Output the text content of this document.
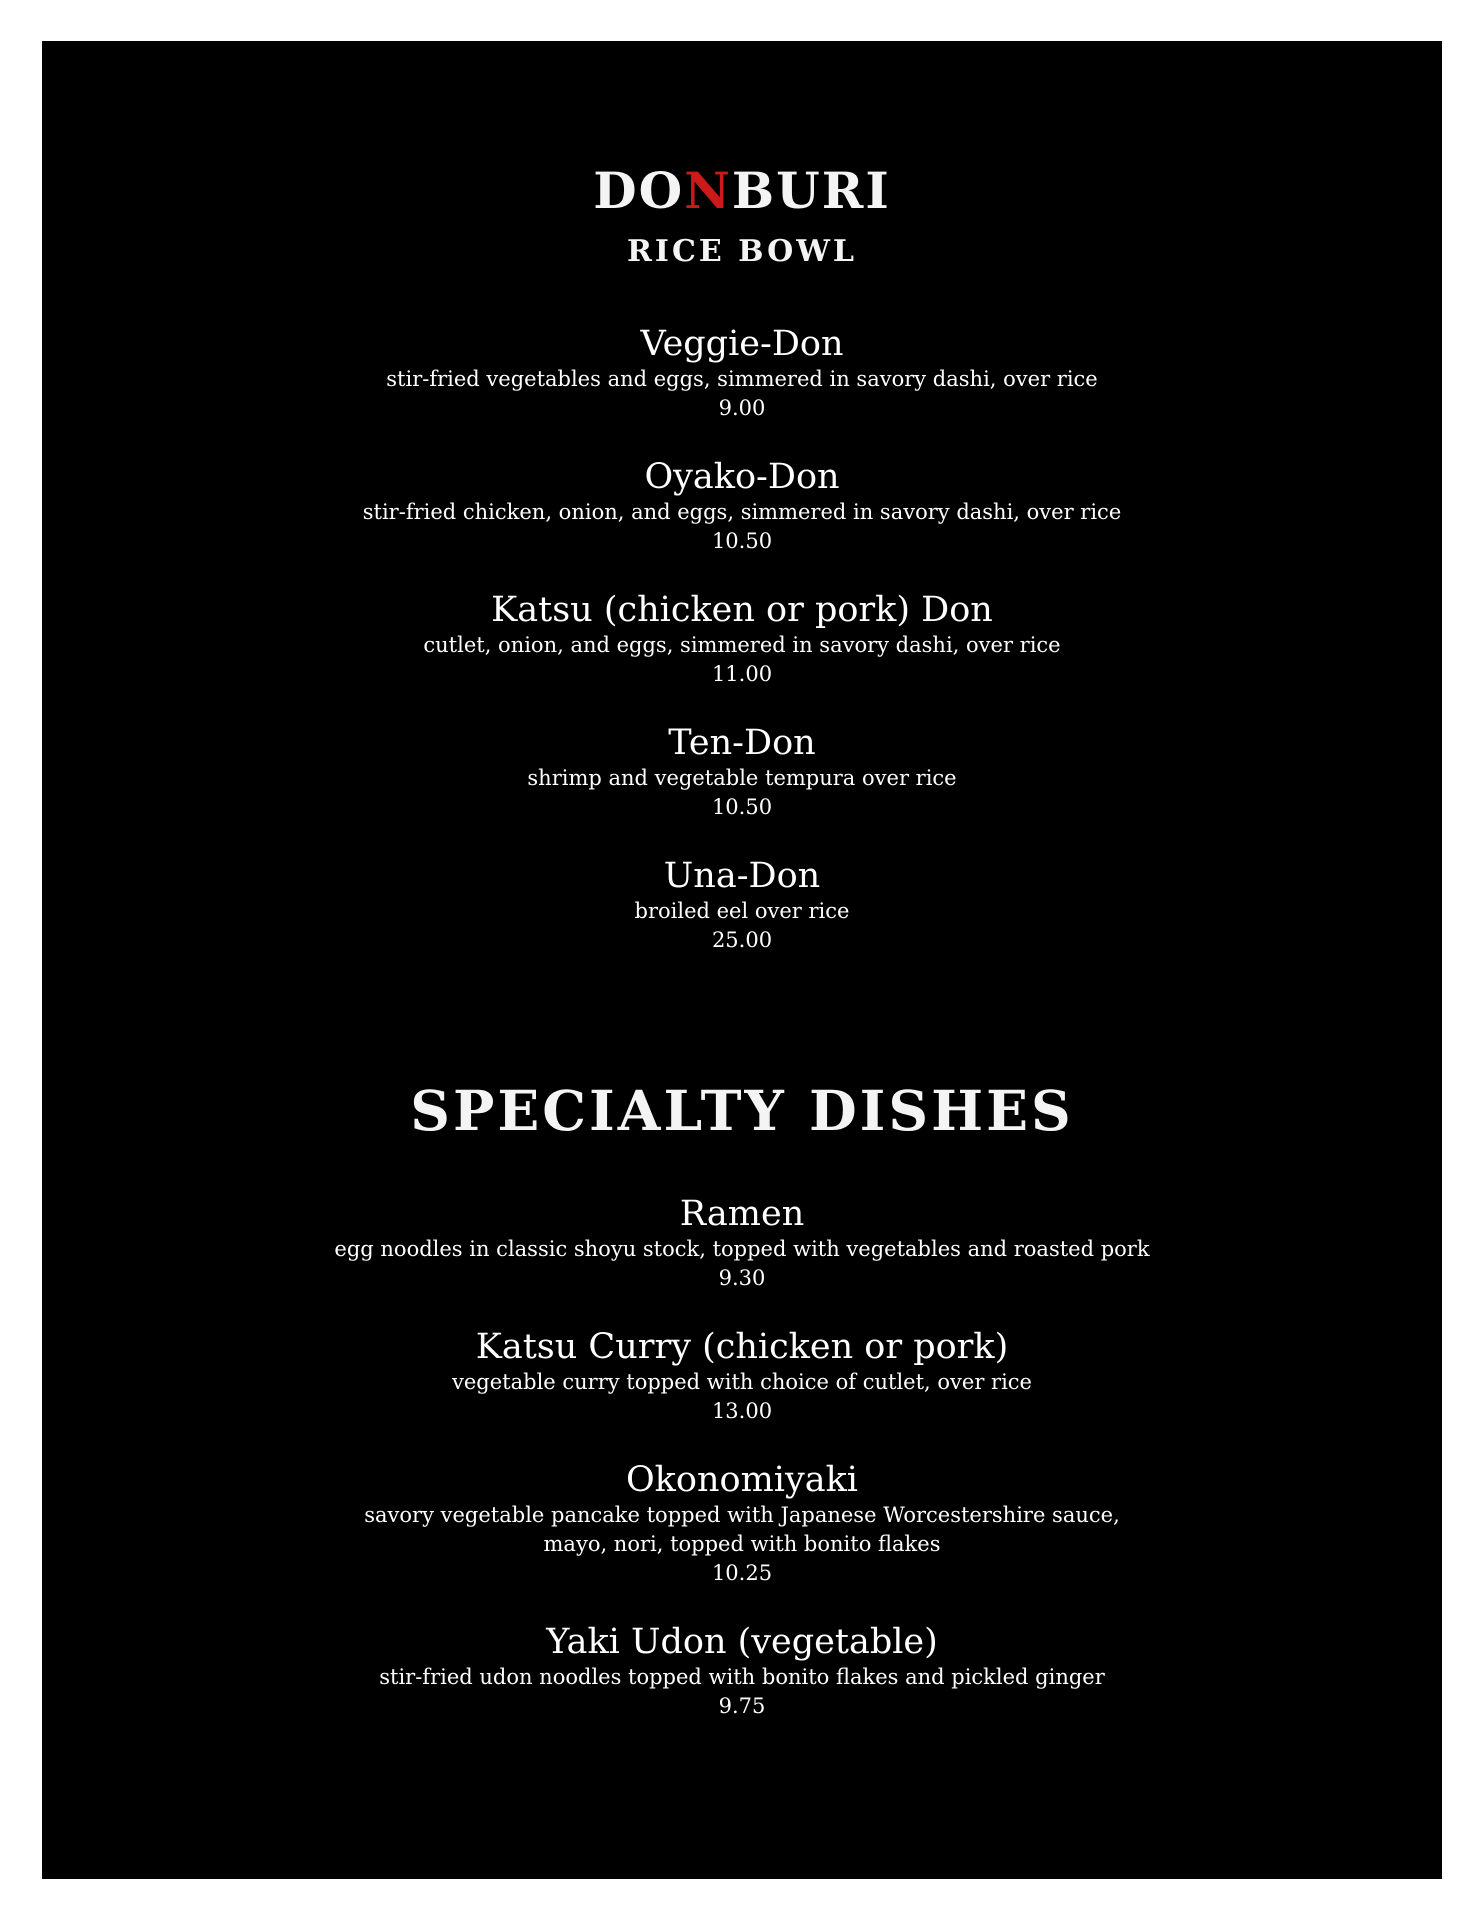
DONBURI
RICE BOWL
Veggie-Don
stir-fried vegetables and eggs, simmered in savory dashi, over rice
9.00
Oyako-Don
stir-fried chicken, onion, and eggs, simmered in savory dashi, over rice
10.50
Katsu (chicken or pork) Don
cutlet, onion, and eggs, simmered in savory dashi, over rice
11.00
Ten-Don
shrimp and vegetable tempura over rice
10.50
Una-Don
broiled eel over rice
25.00
SPECIALTY DISHES
Ramen
egg noodles in classic shoyu stock, topped with vegetables and roasted pork
9.30
Katsu Curry (chicken or pork)
vegetable curry topped with choice of cutlet, over rice
13.00
Okonomiyaki
savory vegetable pancake topped with Japanese Worcestershire sauce,
mayo, nori, topped with bonito flakes
10.25
Yaki Udon (vegetable)
stir-fried udon noodles topped with bonito flakes and pickled ginger
9.75
